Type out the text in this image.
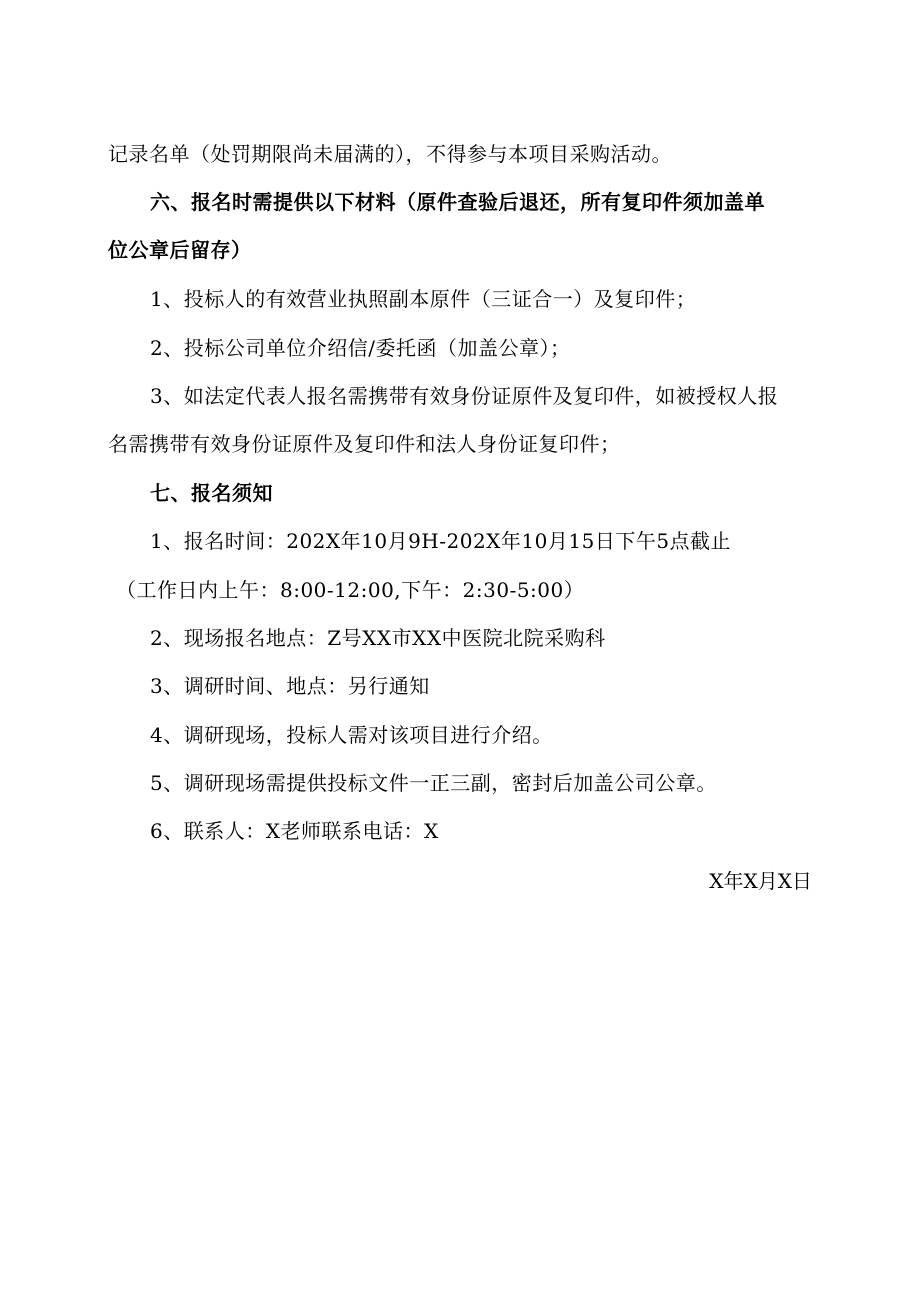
记录名单（处罚期限尚未届满的），不得参与本项目采购活动。
六、报名时需提供以下材料（原件查验后退还，所有复印件须加盖单
位公章后留存）
1、投标人的有效营业执照副本原件（三证合一）及复印件；
2、投标公司单位介绍信/委托函（加盖公章）；
3、如法定代表人报名需携带有效身份证原件及复印件，如被授权人报
名需携带有效身份证原件及复印件和法人身份证复印件；
七、报名须知
1、报名时间：202X年10月9H-202X年10月15日下午5点截止
（工作日内上午：8:00-12:00,下午：2:30-5:00）
2、现场报名地点：Z号XX市XX中医院北院采购科
3、调研时间、地点：另行通知
4、调研现场，投标人需对该项目进行介绍。
5、调研现场需提供投标文件一正三副，密封后加盖公司公章。
6、联系人：X老师联系电话：X
X年X月X日
